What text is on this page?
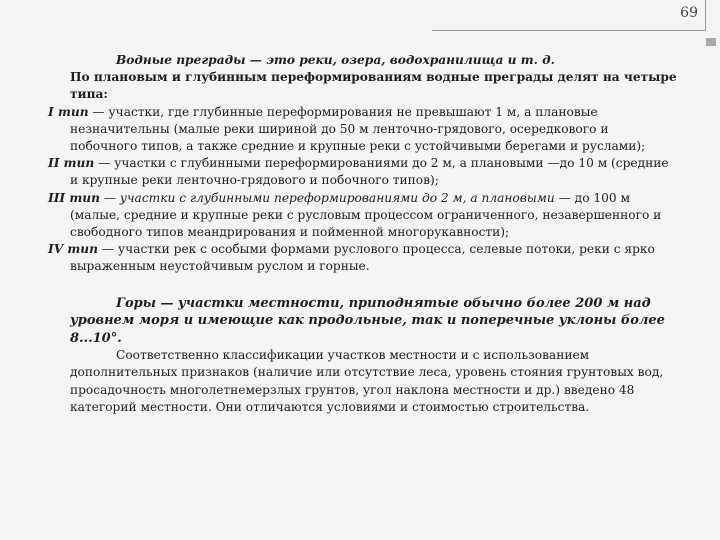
69
Водные преграды — это реки, озера, водохранилища и т. д.
По плановым и глубинным переформированиям водные преграды делят на четыре типа:
I тип — участки, где глубинные переформирования не превышают 1 м, а плановые незначительны (малые реки шириной до 50 м ленточно-грядового, осередкового и побочного типов, а также средние и крупные реки с устойчивыми берегами и руслами);
II тип — участки с глубинными переформированиями до 2 м, а плановыми —до 10 м (средние и крупные реки ленточно-грядового и побочного типов);
III тип — участки с глубинными переформированиями до 2 м, а плановыми — до 100 м (малые, средние и крупные реки с русловым процессом ограниченного, незавершенного и свободного типов меандрирования и пойменной многорукавности);
IV тип — участки рек с особыми формами руслового процесса, селевые потоки, реки с ярко выраженным неустойчивым руслом и горные.
Горы — участки местности, приподнятые обычно более 200 м над уровнем моря и имеющие как продольные, так и поперечные уклоны более 8...10°.
Соответственно классификации участков местности и с использованием дополнительных признаков (наличие или отсутствие леса, уровень стояния грунтовых вод, просадочность многолетнемерзлых грунтов, угол наклона местности и др.) введено 48 категорий местности. Они отличаются условиями и стоимостью строительства.
